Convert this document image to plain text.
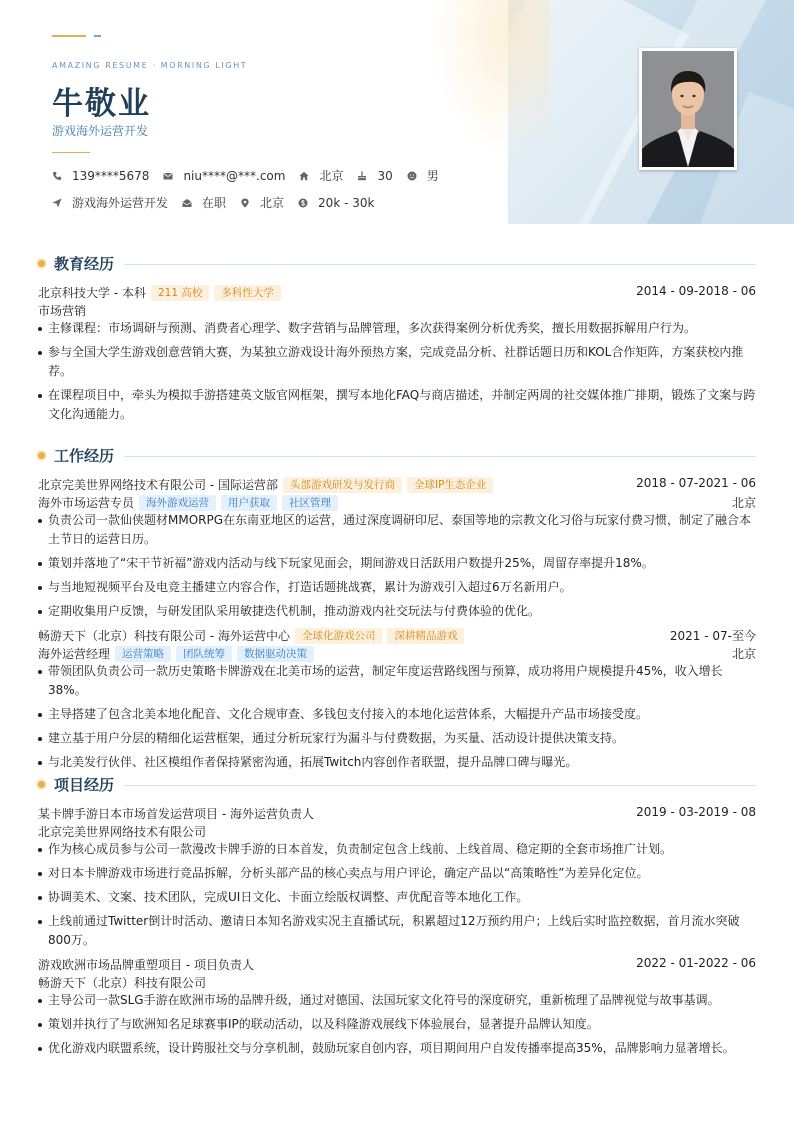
AMAZING RESUME · MORNING LIGHT
牛敬业
游戏海外运营开发
139****5678	niu****@***.com	北京	30	男
游戏海外运营开发	在职	北京	20k - 30k
教育经历
北京科技大学 - 本科	211 高校	多科性大学	2014 - 09-2018 - 06
市场营销
主修课程：市场调研与预测、消费者心理学、数字营销与品牌管理，多次获得案例分析优秀奖，擅长用数据拆解用户行为。
参与全国大学生游戏创意营销大赛，为某独立游戏设计海外预热方案，完成竞品分析、社群话题日历和KOL合作矩阵，方案获校内推荐。
在课程项目中，牵头为模拟手游搭建英文版官网框架，撰写本地化FAQ与商店描述，并制定两周的社交媒体推广排期，锻炼了文案与跨文化沟通能力。
工作经历
北京完美世界网络技术有限公司 - 国际运营部	头部游戏研发与发行商	全球IP生态企业	2018 - 07-2021 - 06
海外市场运营专员	海外游戏运营	用户获取	社区管理	北京
负责公司一款仙侠题材MMORPG在东南亚地区的运营，通过深度调研印尼、泰国等地的宗教文化习俗与玩家付费习惯，制定了融合本土节日的运营日历。
策划并落地了“宋干节祈福”游戏内活动与线下玩家见面会，期间游戏日活跃用户数提升25%，周留存率提升18%。
与当地短视频平台及电竞主播建立内容合作，打造话题挑战赛，累计为游戏引入超过6万名新用户。
定期收集用户反馈，与研发团队采用敏捷迭代机制，推动游戏内社交玩法与付费体验的优化。
畅游天下（北京）科技有限公司 - 海外运营中心	全球化游戏公司	深耕精品游戏	2021 - 07-至今
海外运营经理	运营策略	团队统筹	数据驱动决策	北京
带领团队负责公司一款历史策略卡牌游戏在北美市场的运营，制定年度运营路线图与预算，成功将用户规模提升45%，收入增长38%。
主导搭建了包含北美本地化配音、文化合规审查、多钱包支付接入的本地化运营体系，大幅提升产品市场接受度。
建立基于用户分层的精细化运营框架，通过分析玩家行为漏斗与付费数据，为买量、活动设计提供决策支持。
与北美发行伙伴、社区模组作者保持紧密沟通，拓展Twitch内容创作者联盟，提升品牌口碑与曝光。
项目经历
某卡牌手游日本市场首发运营项目 - 海外运营负责人	2019 - 03-2019 - 08
北京完美世界网络技术有限公司
作为核心成员参与公司一款漫改卡牌手游的日本首发，负责制定包含上线前、上线首周、稳定期的全套市场推广计划。
对日本卡牌游戏市场进行竞品拆解，分析头部产品的核心卖点与用户评论，确定产品以“高策略性”为差异化定位。
协调美术、文案、技术团队，完成UI日文化、卡面立绘版权调整、声优配音等本地化工作。
上线前通过Twitter倒计时活动、邀请日本知名游戏实况主直播试玩，积累超过12万预约用户；上线后实时监控数据，首月流水突破800万。
游戏欧洲市场品牌重塑项目 - 项目负责人	2022 - 01-2022 - 06
畅游天下（北京）科技有限公司
主导公司一款SLG手游在欧洲市场的品牌升级，通过对德国、法国玩家文化符号的深度研究，重新梳理了品牌视觉与故事基调。
策划并执行了与欧洲知名足球赛事IP的联动活动，以及科隆游戏展线下体验展台，显著提升品牌认知度。
优化游戏内联盟系统，设计跨服社交与分享机制，鼓励玩家自创内容，项目期间用户自发传播率提高35%，品牌影响力显著增长。
